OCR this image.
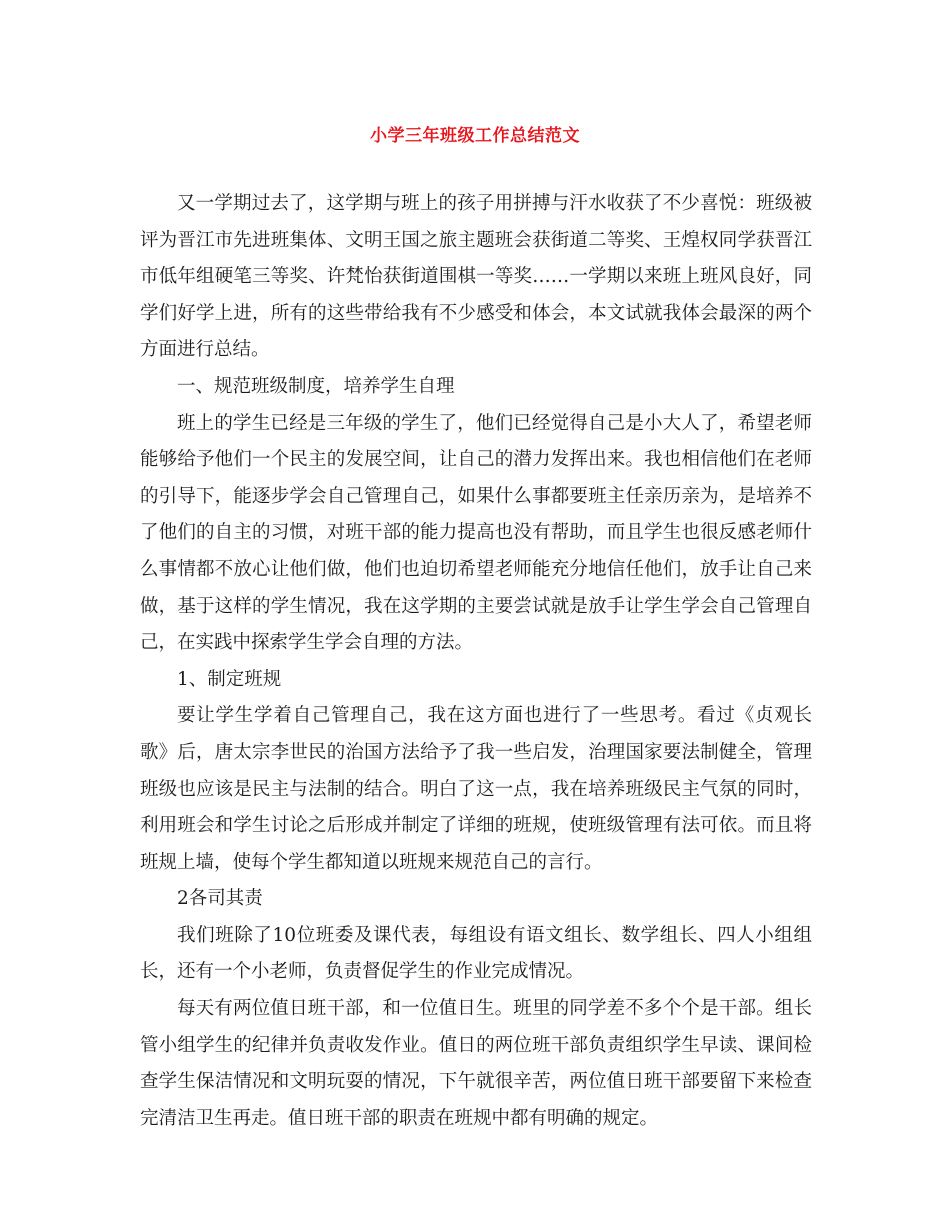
小学三年班级工作总结范文

又一学期过去了，这学期与班上的孩子用拼搏与汗水收获了不少喜悦：班级被评为晋江市先进班集体、文明王国之旅主题班会获街道二等奖、王煌权同学获晋江市低年组硬笔三等奖、许梵怡获街道围棋一等奖……一学期以来班上班风良好，同学们好学上进，所有的这些带给我有不少感受和体会，本文试就我体会最深的两个方面进行总结。

一、规范班级制度，培养学生自理

班上的学生已经是三年级的学生了，他们已经觉得自己是小大人了，希望老师能够给予他们一个民主的发展空间，让自己的潜力发挥出来。我也相信他们在老师的引导下，能逐步学会自己管理自己，如果什么事都要班主任亲历亲为，是培养不了他们的自主的习惯，对班干部的能力提高也没有帮助，而且学生也很反感老师什么事情都不放心让他们做，他们也迫切希望老师能充分地信任他们，放手让自己来做，基于这样的学生情况，我在这学期的主要尝试就是放手让学生学会自己管理自己，在实践中探索学生学会自理的方法。

1、制定班规

要让学生学着自己管理自己，我在这方面也进行了一些思考。看过《贞观长歌》后，唐太宗李世民的治国方法给予了我一些启发，治理国家要法制健全，管理班级也应该是民主与法制的结合。明白了这一点，我在培养班级民主气氛的同时，利用班会和学生讨论之后形成并制定了详细的班规，使班级管理有法可依。而且将班规上墙，使每个学生都知道以班规来规范自己的言行。

2各司其责

我们班除了10位班委及课代表，每组设有语文组长、数学组长、四人小组组长，还有一个小老师，负责督促学生的作业完成情况。

每天有两位值日班干部，和一位值日生。班里的同学差不多个个是干部。组长管小组学生的纪律并负责收发作业。值日的两位班干部负责组织学生早读、课间检查学生保洁情况和文明玩耍的情况，下午就很辛苦，两位值日班干部要留下来检查完清洁卫生再走。值日班干部的职责在班规中都有明确的规定。
